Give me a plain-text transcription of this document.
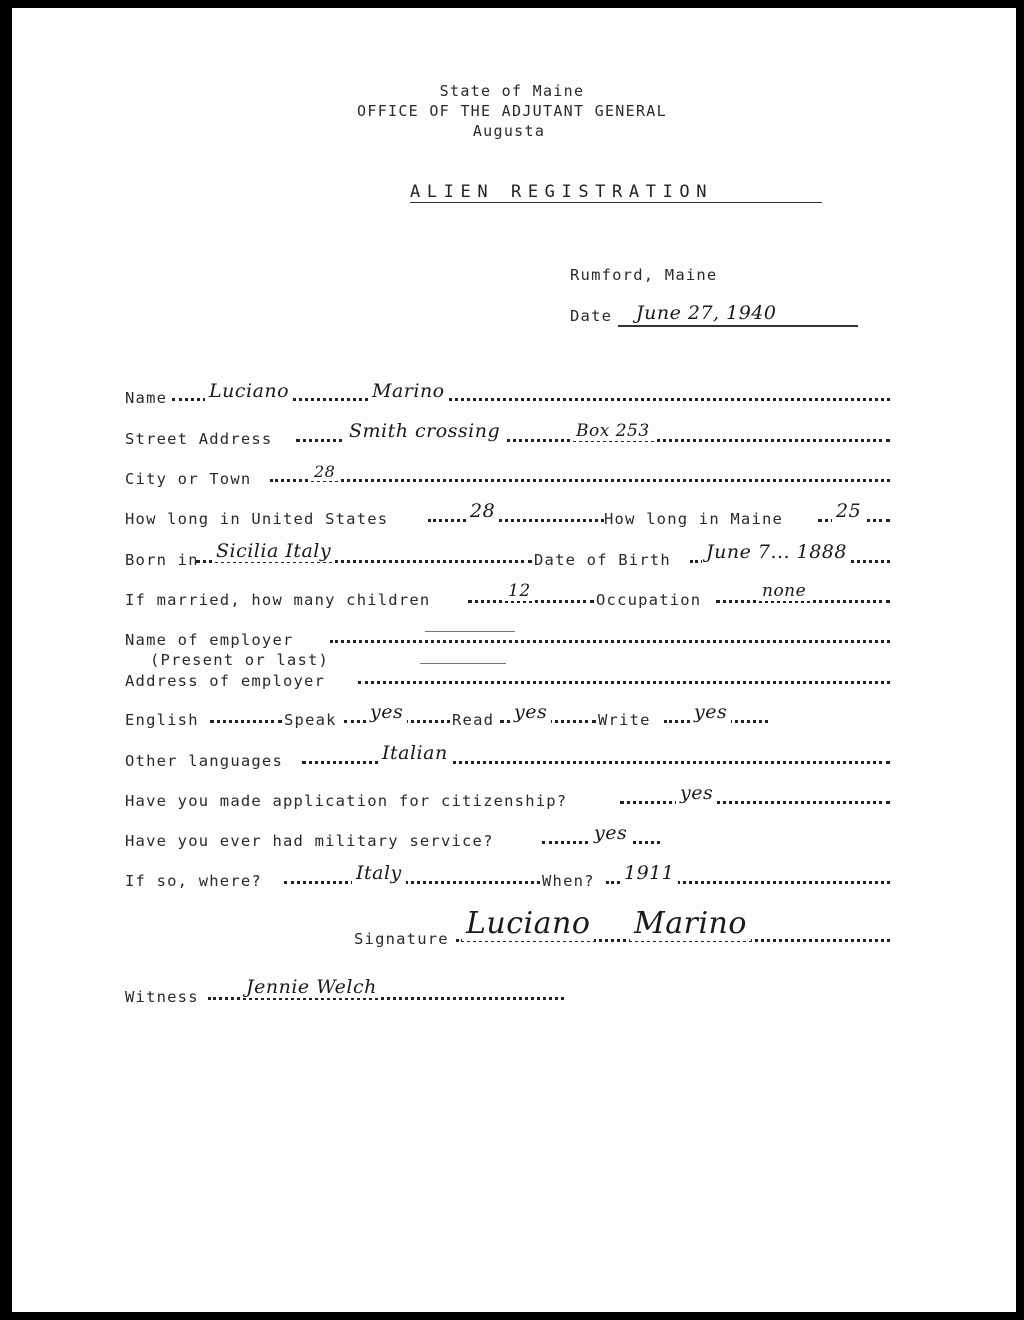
State of Maine
OFFICE OF THE ADJUTANT GENERAL
Augusta
ALIEN REGISTRATION
Rumford, Maine
Date June 27, 1940
Name Luciano	Marino
Street Address	Smith crossing	Box 253
City or Town	28
How long in United States	28	How long in Maine	25
Born in Sicilia Italy	Date of Birth June 7... 1888
If married, how many children	12	Occupation	none
Name of employer
(Present or last)
Address of employer
English	Speak yes	Read yes	Write yes
Other languages	Italian
Have you made application for citizenship?	yes
Have you ever had military service?	yes
If so, where?	Italy	When? 1911
Signature Luciano Marino
Witness Jennie Welch
